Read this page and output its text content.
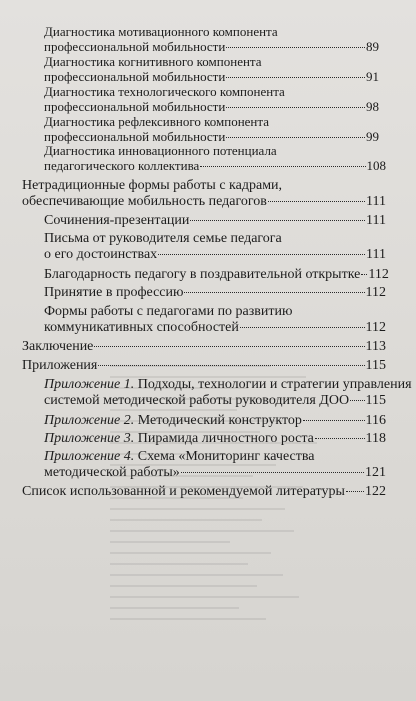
Диагностика мотивационного компонента
профессиональной мобильности	89
Диагностика когнитивного компонента
профессиональной мобильности	91
Диагностика технологического компонента
профессиональной мобильности	98
Диагностика рефлексивного компонента
профессиональной мобильности	99
Диагностика инновационного потенциала
педагогического коллектива	108
Нетрадиционные формы работы с кадрами,
обеспечивающие мобильность педагогов	111
Сочинения-презентации	111
Письма от руководителя семье педагога
о его достоинствах	111
Благодарность педагогу в поздравительной открытке 112
Принятие в профессию	112
Формы работы с педагогами по развитию
коммуникативных способностей	112
Заключение	113
Приложения	115
Приложение 1. Подходы, технологии и стратегии управления
системой методической работы руководителя ДОО 115
Приложение 2.
Методический конструктор	116
Приложение 3.
Пирамида личностного роста	118
Приложение 4. Схема «Мониторинг качества
методической работы»	121
Список использованной и рекомендуемой литературы 122
